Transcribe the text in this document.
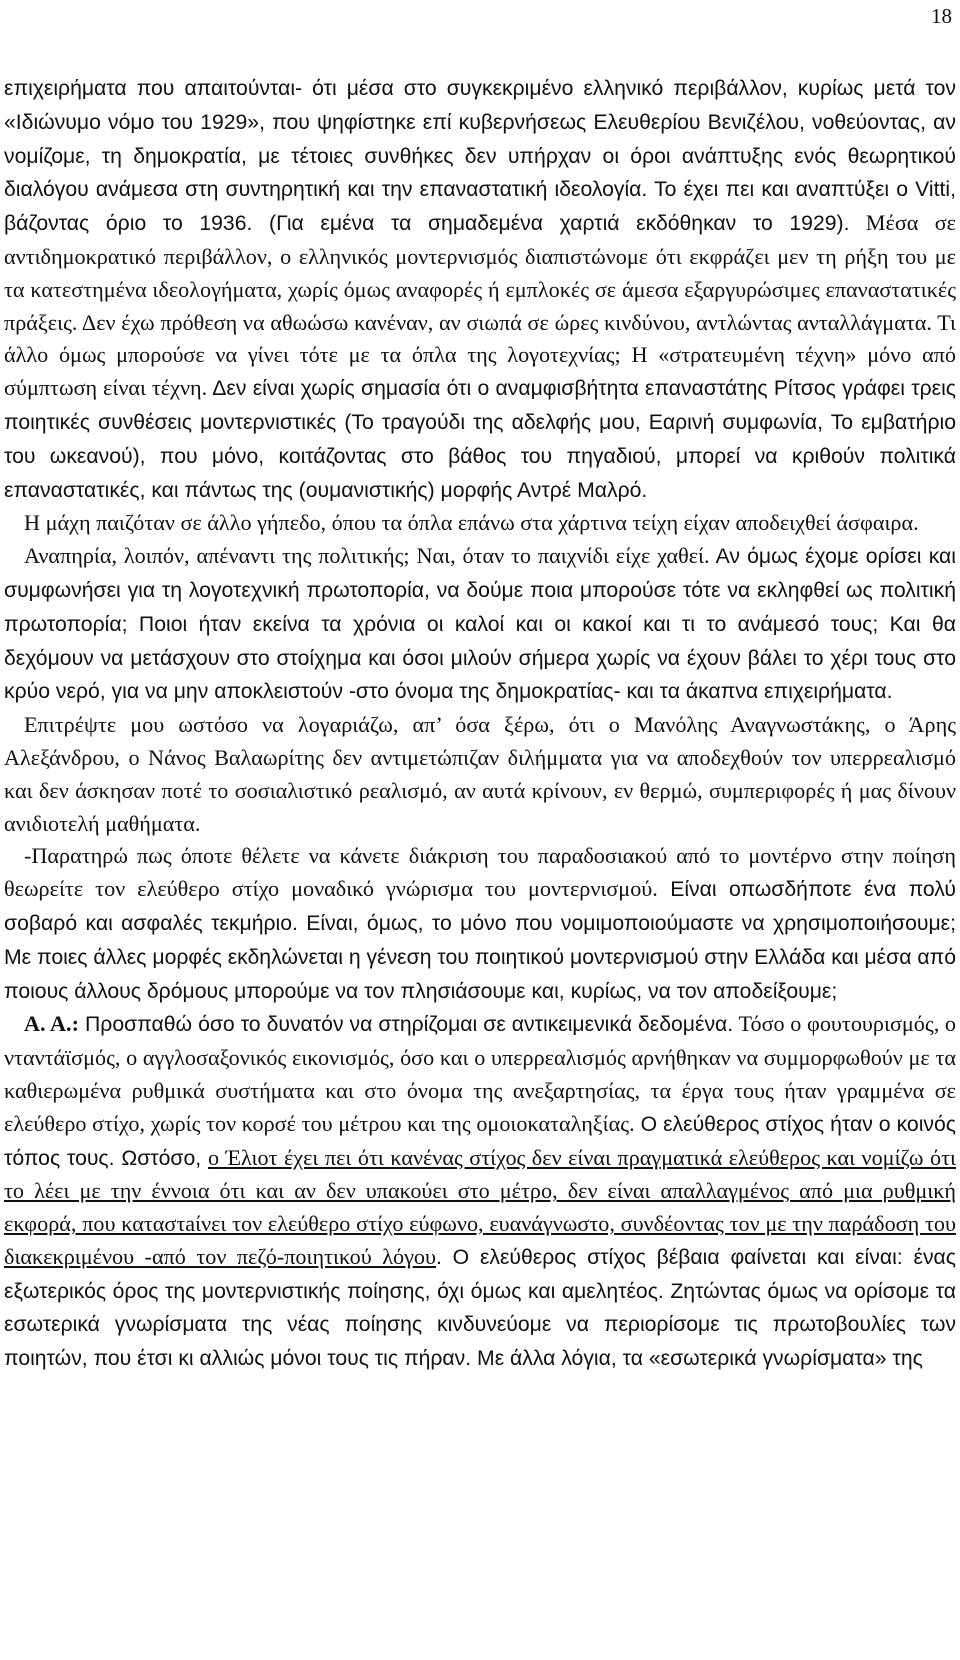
18

επιχειρήματα που απαιτούνται- ότι μέσα στο συγκεκριμένο ελληνικό περιβάλλον, κυρίως μετά τον «Ιδιώνυμο νόμο του 1929», που ψηφίστηκε επί κυβερνήσεως Ελευθερίου Βενιζέλου, νοθεύοντας, αν νομίζομε, τη δημοκρατία, με τέτοιες συνθήκες δεν υπήρχαν οι όροι ανάπτυξης ενός θεωρητικού διαλόγου ανάμεσα στη συντηρητική και την επαναστατική ιδεολογία. Το έχει πει και αναπτύξει ο Vitti, βάζοντας όριο το 1936. (Για εμένα τα σημαδεμένα χαρτιά εκδόθηκαν το 1929). Μέσα σε αντιδημοκρατικό περιβάλλον, ο ελληνικός μοντερνισμός διαπιστώνομε ότι εκφράζει μεν τη ρήξη του με τα κατεστημένα ιδεολογήματα, χωρίς όμως αναφορές ή εμπλοκές σε άμεσα εξαργυρώσιμες επαναστατικές πράξεις. Δεν έχω πρόθεση να αθωώσω κανέναν, αν σιωπά σε ώρες κινδύνου, αντλώντας ανταλλάγματα. Τι άλλο όμως μπορούσε να γίνει τότε με τα όπλα της λογοτεχνίας; Η «στρατευμένη τέχνη» μόνο από σύμπτωση είναι τέχνη. Δεν είναι χωρίς σημασία ότι ο αναμφισβήτητα επαναστάτης Ρίτσος γράφει τρεις ποιητικές συνθέσεις μοντερνιστικές (Το τραγούδι της αδελφής μου, Εαρινή συμφωνία, Το εμβατήριο του ωκεανού), που μόνο, κοιτάζοντας στο βάθος του πηγαδιού, μπορεί να κριθούν πολιτικά επαναστατικές, και πάντως της (ουμανιστικής) μορφής Αντρέ Μαλρό.

Η μάχη παιζόταν σε άλλο γήπεδο, όπου τα όπλα επάνω στα χάρτινα τείχη είχαν αποδειχθεί άσφαιρα.

Αναπηρία, λοιπόν, απέναντι της πολιτικής; Ναι, όταν το παιχνίδι είχε χαθεί. Αν όμως έχομε ορίσει και συμφωνήσει για τη λογοτεχνική πρωτοπορία, να δούμε ποια μπορούσε τότε να εκληφθεί ως πολιτική πρωτοπορία; Ποιοι ήταν εκείνα τα χρόνια οι καλοί και οι κακοί και τι το ανάμεσό τους; Και θα δεχόμουν να μετάσχουν στο στοίχημα και όσοι μιλούν σήμερα χωρίς να έχουν βάλει το χέρι τους στο κρύο νερό, για να μην αποκλειστούν -στο όνομα της δημοκρατίας- και τα άκαπνα επιχειρήματα.

Επιτρέψτε μου ωστόσο να λογαριάζω, απ’ όσα ξέρω, ότι ο Μανόλης Αναγνωστάκης, ο Άρης Αλεξάνδρου, ο Νάνος Βαλαωρίτης δεν αντιμετώπιζαν διλήμματα για να αποδεχθούν τον υπερρεαλισμό και δεν άσκησαν ποτέ το σοσιαλιστικό ρεαλισμό, αν αυτά κρίνουν, εν θερμώ, συμπεριφορές ή μας δίνουν ανιδιοτελή μαθήματα.

-Παρατηρώ πως όποτε θέλετε να κάνετε διάκριση του παραδοσιακού από το μοντέρνο στην ποίηση θεωρείτε τον ελεύθερο στίχο μοναδικό γνώρισμα του μοντερνισμού. Είναι οπωσδήποτε ένα πολύ σοβαρό και ασφαλές τεκμήριο. Είναι, όμως, το μόνο που νομιμοποιούμαστε να χρησιμοποιήσουμε; Με ποιες άλλες μορφές εκδηλώνεται η γένεση του ποιητικού μοντερνισμού στην Ελλάδα και μέσα από ποιους άλλους δρόμους μπορούμε να τον πλησιάσουμε και, κυρίως, να τον αποδείξουμε;

Α. Α.: Προσπαθώ όσο το δυνατόν να στηρίζομαι σε αντικειμενικά δεδομένα. Τόσο ο φουτουρισμός, ο νταντάϊσμός, ο αγγλοσαξονικός εικονισμός, όσο και ο υπερρεαλισμός αρνήθηκαν να συμμορφωθούν με τα καθιερωμένα ρυθμικά συστήματα και στο όνομα της ανεξαρτησίας, τα έργα τους ήταν γραμμένα σε ελεύθερο στίχο, χωρίς τον κορσέ του μέτρου και της ομοιοκαταληξίας. Ο ελεύθερος στίχος ήταν ο κοινός τόπος τους. Ωστόσο, ο Έλιοτ έχει πει ότι κανένας στίχος δεν είναι πραγματικά ελεύθερος και νομίζω ότι το λέει με την έννοια ότι και αν δεν υπακούει στο μέτρο, δεν είναι απαλλαγμένος από μια ρυθμική εκφορά, που καταστaίνει τον ελεύθερο στίχο εύφωνο, ευανάγνωστο, συνδέοντας τον με την παράδοση του διακεκριμένου -από τον πεζό-ποιητικού λόγου. Ο ελεύθερος στίχος βέβαια φαίνεται και είναι: ένας εξωτερικός όρος της μοντερνιστικής ποίησης, όχι όμως και αμελητέος. Ζητώντας όμως να ορίσομε τα εσωτερικά γνωρίσματα της νέας ποίησης κινδυνεύομε να περιορίσομε τις πρωτοβουλίες των ποιητών, που έτσι κι αλλιώς μόνοι τους τις πήραν. Με άλλα λόγια, τα «εσωτερικά γνωρίσματα» της
